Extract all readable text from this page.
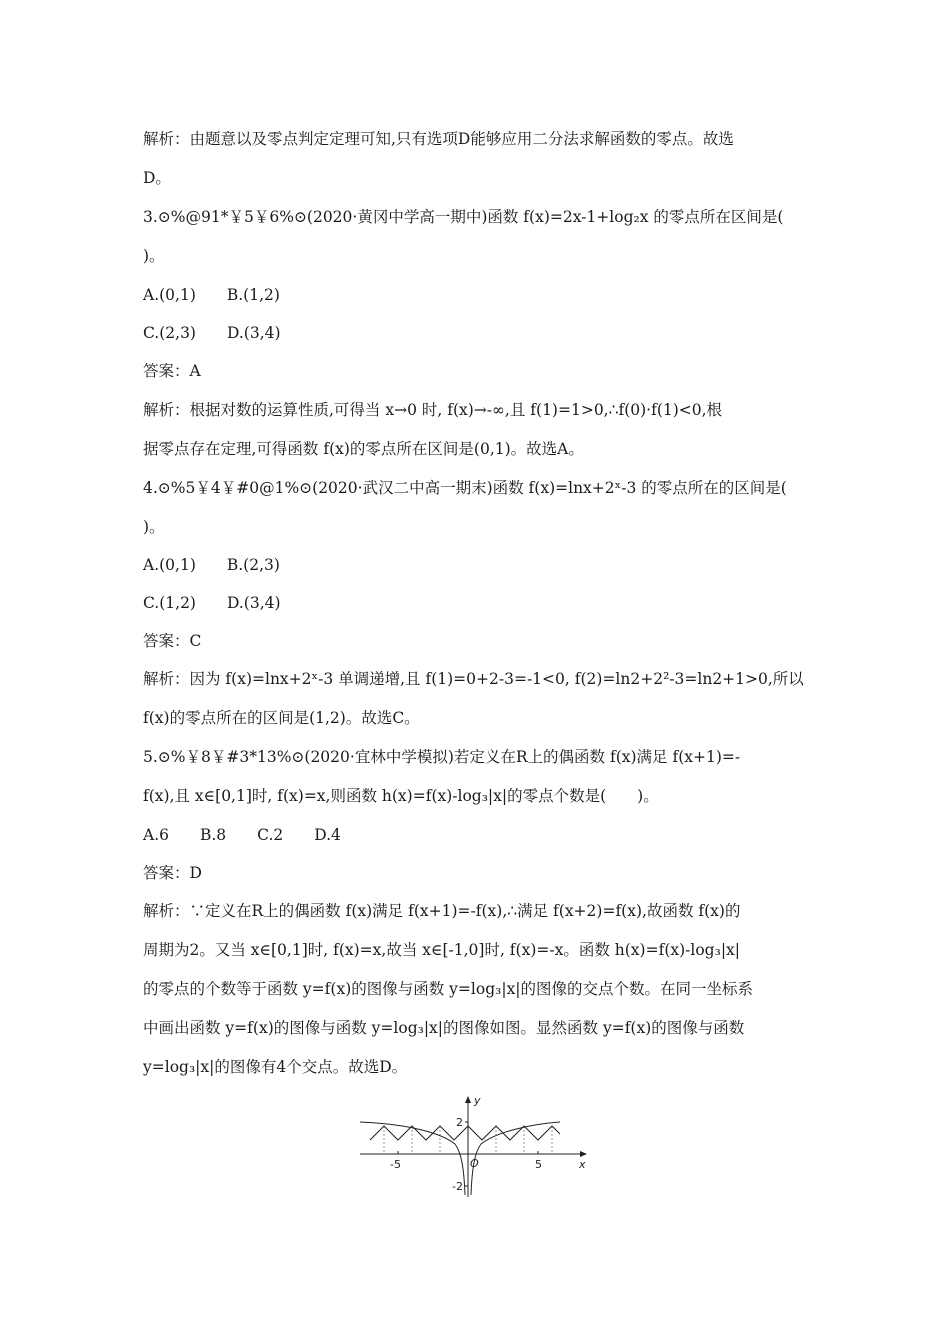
解析：由题意以及零点判定定理可知,只有选项D能够应用二分法求解函数的零点。故选
D。
3.⊙%@91*￥5￥6%⊙(2020·黄冈中学高一期中)函数 f(x)=2x-1+log₂x 的零点所在区间是(
)。
A.(0,1)　　B.(1,2)
C.(2,3)　　D.(3,4)
答案：A
解析：根据对数的运算性质,可得当 x→0 时, f(x)→-∞,且 f(1)=1>0,∴f(0)·f(1)<0,根
据零点存在定理,可得函数 f(x)的零点所在区间是(0,1)。故选A。
4.⊙%5￥4￥#0@1%⊙(2020·武汉二中高一期末)函数 f(x)=lnx+2ˣ-3 的零点所在的区间是(
)。
A.(0,1)　　B.(2,3)
C.(1,2)　　D.(3,4)
答案：C
解析：因为 f(x)=lnx+2ˣ-3 单调递增,且 f(1)=0+2-3=-1<0, f(2)=ln2+2²-3=ln2+1>0,所以
f(x)的零点所在的区间是(1,2)。故选C。
5.⊙%￥8￥#3*13%⊙(2020·宜林中学模拟)若定义在R上的偶函数 f(x)满足 f(x+1)=-
f(x),且 x∈[0,1]时, f(x)=x,则函数 h(x)=f(x)-log₃|x|的零点个数是(　　)。
A.6　　B.8　　C.2　　D.4
答案：D
解析：∵定义在R上的偶函数 f(x)满足 f(x+1)=-f(x),∴满足 f(x+2)=f(x),故函数 f(x)的
周期为2。又当 x∈[0,1]时, f(x)=x,故当 x∈[-1,0]时, f(x)=-x。函数 h(x)=f(x)-log₃|x|
的零点的个数等于函数 y=f(x)的图像与函数 y=log₃|x|的图像的交点个数。在同一坐标系
中画出函数 y=f(x)的图像与函数 y=log₃|x|的图像如图。显然函数 y=f(x)的图像与函数
y=log₃|x|的图像有4个交点。故选D。
y
x
O
-5	5
2
-2
